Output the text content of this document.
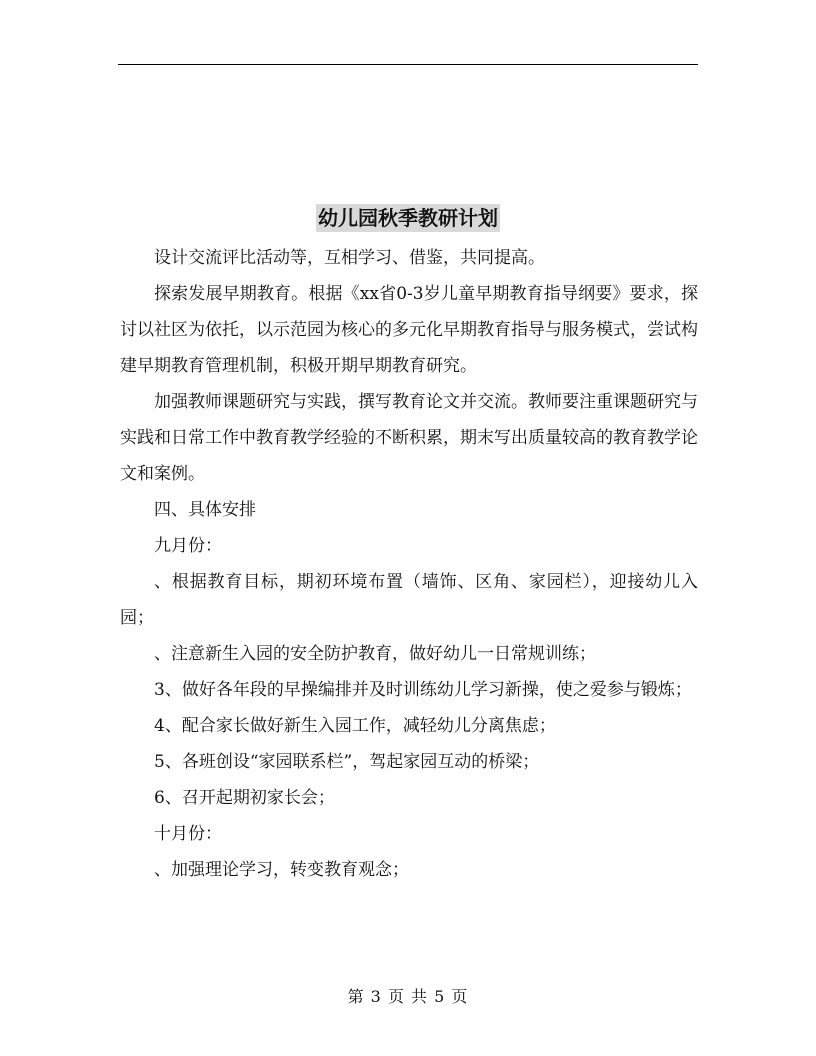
幼儿园秋季教研计划

设计交流评比活动等，互相学习、借鉴，共同提高。

探索发展早期教育。根据《xx省0-3岁儿童早期教育指导纲要》要求，探讨以社区为依托，以示范园为核心的多元化早期教育指导与服务模式，尝试构建早期教育管理机制，积极开期早期教育研究。

加强教师课题研究与实践，撰写教育论文并交流。教师要注重课题研究与实践和日常工作中教育教学经验的不断积累，期末写出质量较高的教育教学论文和案例。

四、具体安排

九月份：

、根据教育目标，期初环境布置（墙饰、区角、家园栏），迎接幼儿入园；

、注意新生入园的安全防护教育，做好幼儿一日常规训练；

3、做好各年段的早操编排并及时训练幼儿学习新操，使之爱参与锻炼；

4、配合家长做好新生入园工作，减轻幼儿分离焦虑；

5、各班创设“家园联系栏”，驾起家园互动的桥梁；

6、召开起期初家长会；

十月份：

、加强理论学习，转变教育观念；

第 3 页 共 5 页
